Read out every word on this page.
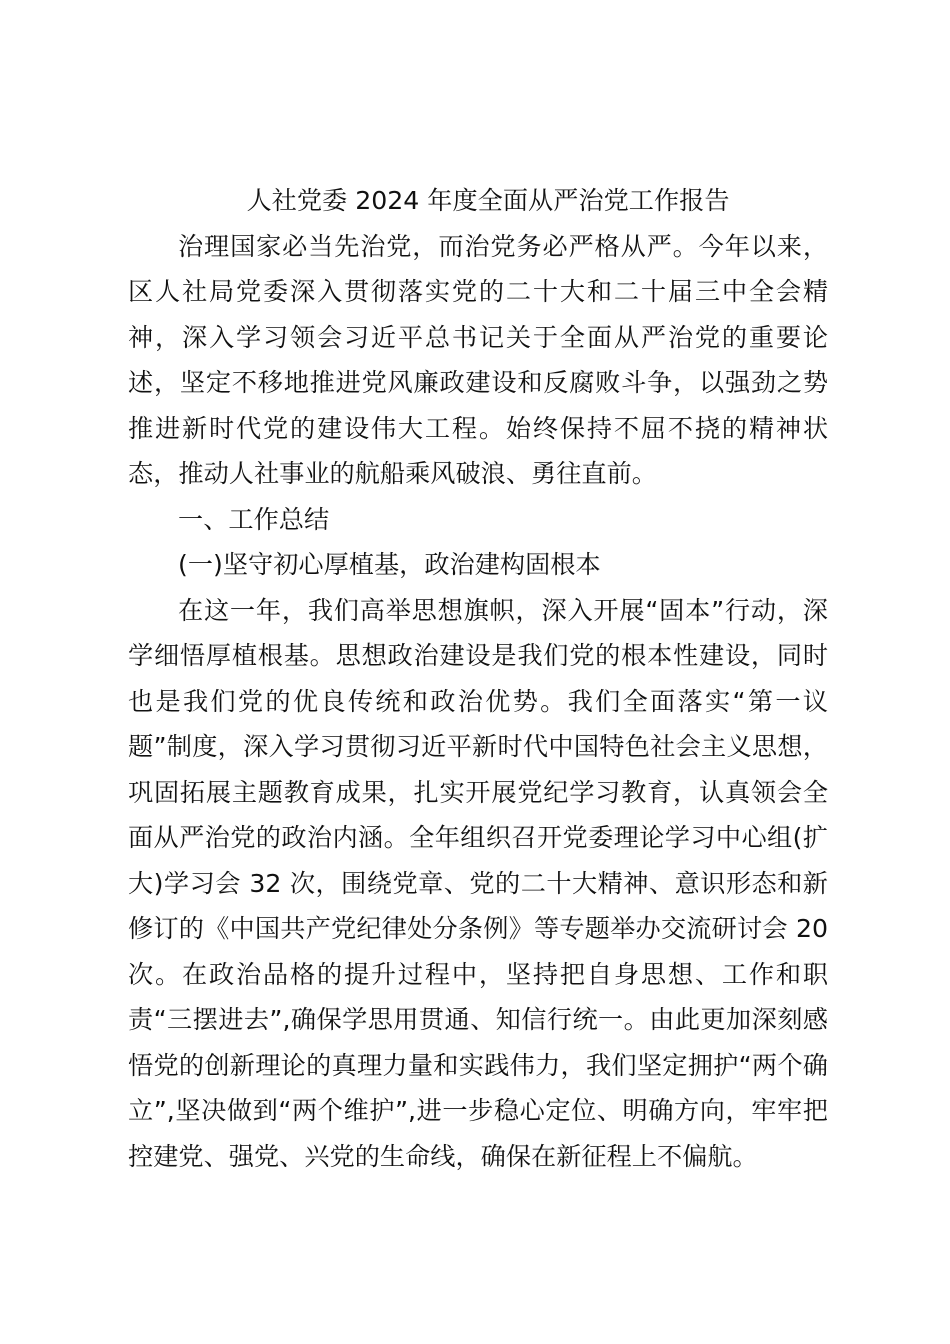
人社党委 2024 年度全面从严治党工作报告

治理国家必当先治党，而治党务必严格从严。今年以来，区人社局党委深入贯彻落实党的二十大和二十届三中全会精神，深入学习领会习近平总书记关于全面从严治党的重要论述，坚定不移地推进党风廉政建设和反腐败斗争，以强劲之势推进新时代党的建设伟大工程。始终保持不屈不挠的精神状态，推动人社事业的航船乘风破浪、勇往直前。

一、工作总结

(一)坚守初心厚植基，政治建构固根本

在这一年，我们高举思想旗帜，深入开展“固本”行动，深学细悟厚植根基。思想政治建设是我们党的根本性建设，同时也是我们党的优良传统和政治优势。我们全面落实“第一议题”制度，深入学习贯彻习近平新时代中国特色社会主义思想，巩固拓展主题教育成果，扎实开展党纪学习教育，认真领会全面从严治党的政治内涵。全年组织召开党委理论学习中心组(扩大)学习会 32 次，围绕党章、党的二十大精神、意识形态和新修订的《中国共产党纪律处分条例》等专题举办交流研讨会 20次。在政治品格的提升过程中，坚持把自身思想、工作和职责“三摆进去”,确保学思用贯通、知信行统一。由此更加深刻感悟党的创新理论的真理力量和实践伟力，我们坚定拥护“两个确立”,坚决做到“两个维护”,进一步稳心定位、明确方向，牢牢把控建党、强党、兴党的生命线，确保在新征程上不偏航。
